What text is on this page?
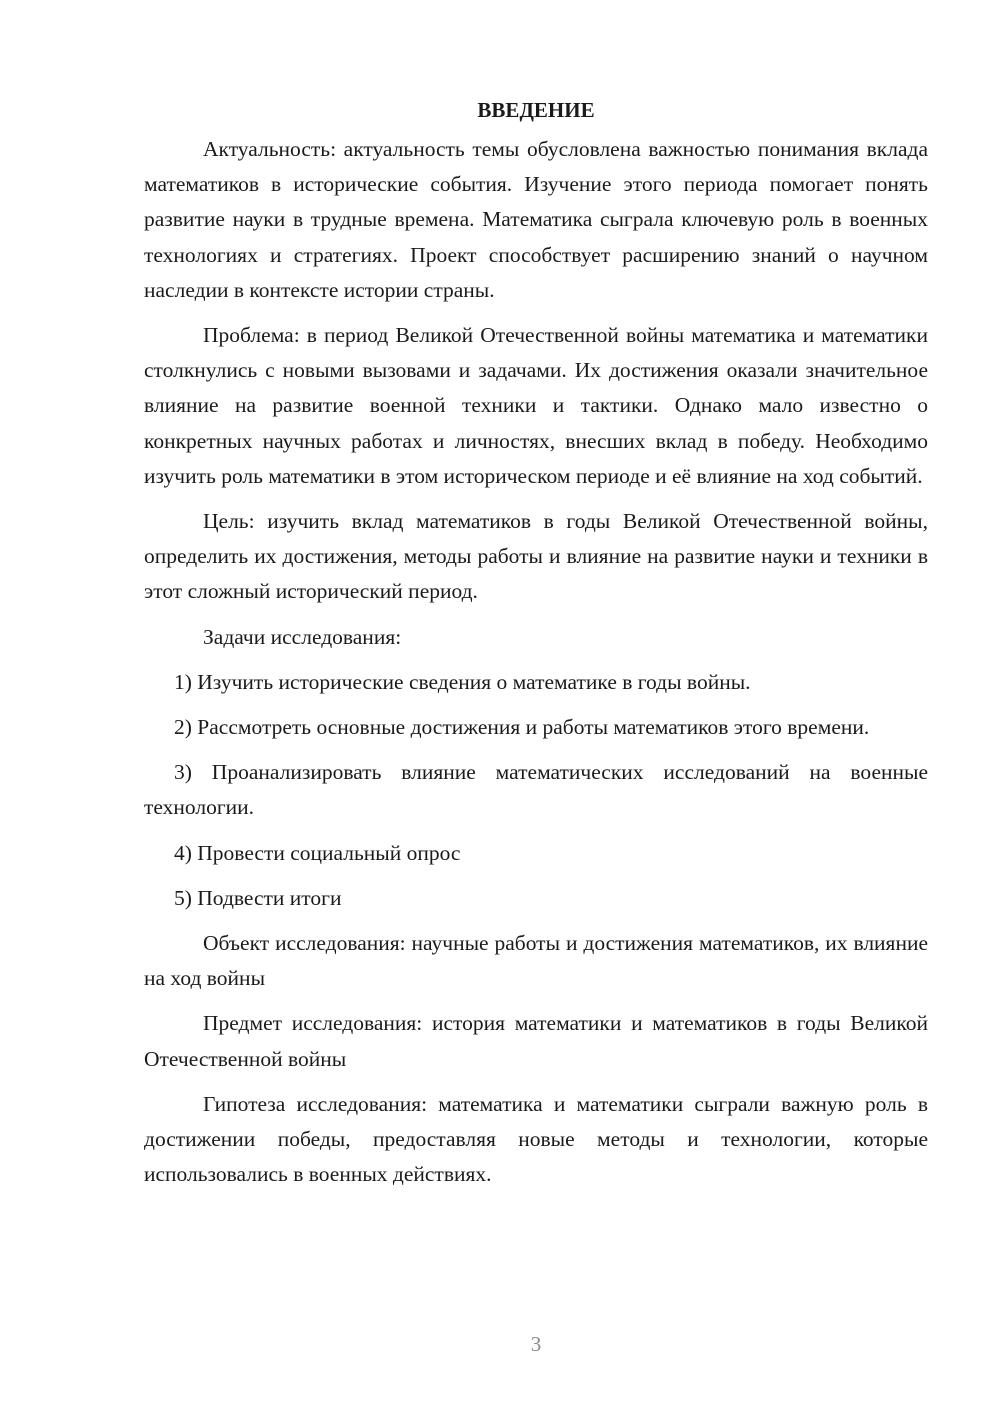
ВВЕДЕНИЕ

Актуальность: актуальность темы обусловлена важностью понимания вклада математиков в исторические события. Изучение этого периода помогает понять развитие науки в трудные времена. Математика сыграла ключевую роль в военных технологиях и стратегиях. Проект способствует расширению знаний о научном наследии в контексте истории страны.

Проблема: в период Великой Отечественной войны математика и математики столкнулись с новыми вызовами и задачами. Их достижения оказали значительное влияние на развитие военной техники и тактики. Однако мало известно о конкретных научных работах и личностях, внесших вклад в победу. Необходимо изучить роль математики в этом историческом периоде и её влияние на ход событий.

Цель: изучить вклад математиков в годы Великой Отечественной войны, определить их достижения, методы работы и влияние на развитие науки и техники в этот сложный исторический период.

Задачи исследования:

1) Изучить исторические сведения о математике в годы войны.

2) Рассмотреть основные достижения и работы математиков этого времени.

3) Проанализировать влияние математических исследований на военные технологии.

4) Провести социальный опрос

5) Подвести итоги

Объект исследования: научные работы и достижения математиков, их влияние на ход войны

Предмет исследования: история математики и математиков в годы Великой Отечественной войны

Гипотеза исследования: математика и математики сыграли важную роль в достижении победы, предоставляя новые методы и технологии, которые использовались в военных действиях.

3
